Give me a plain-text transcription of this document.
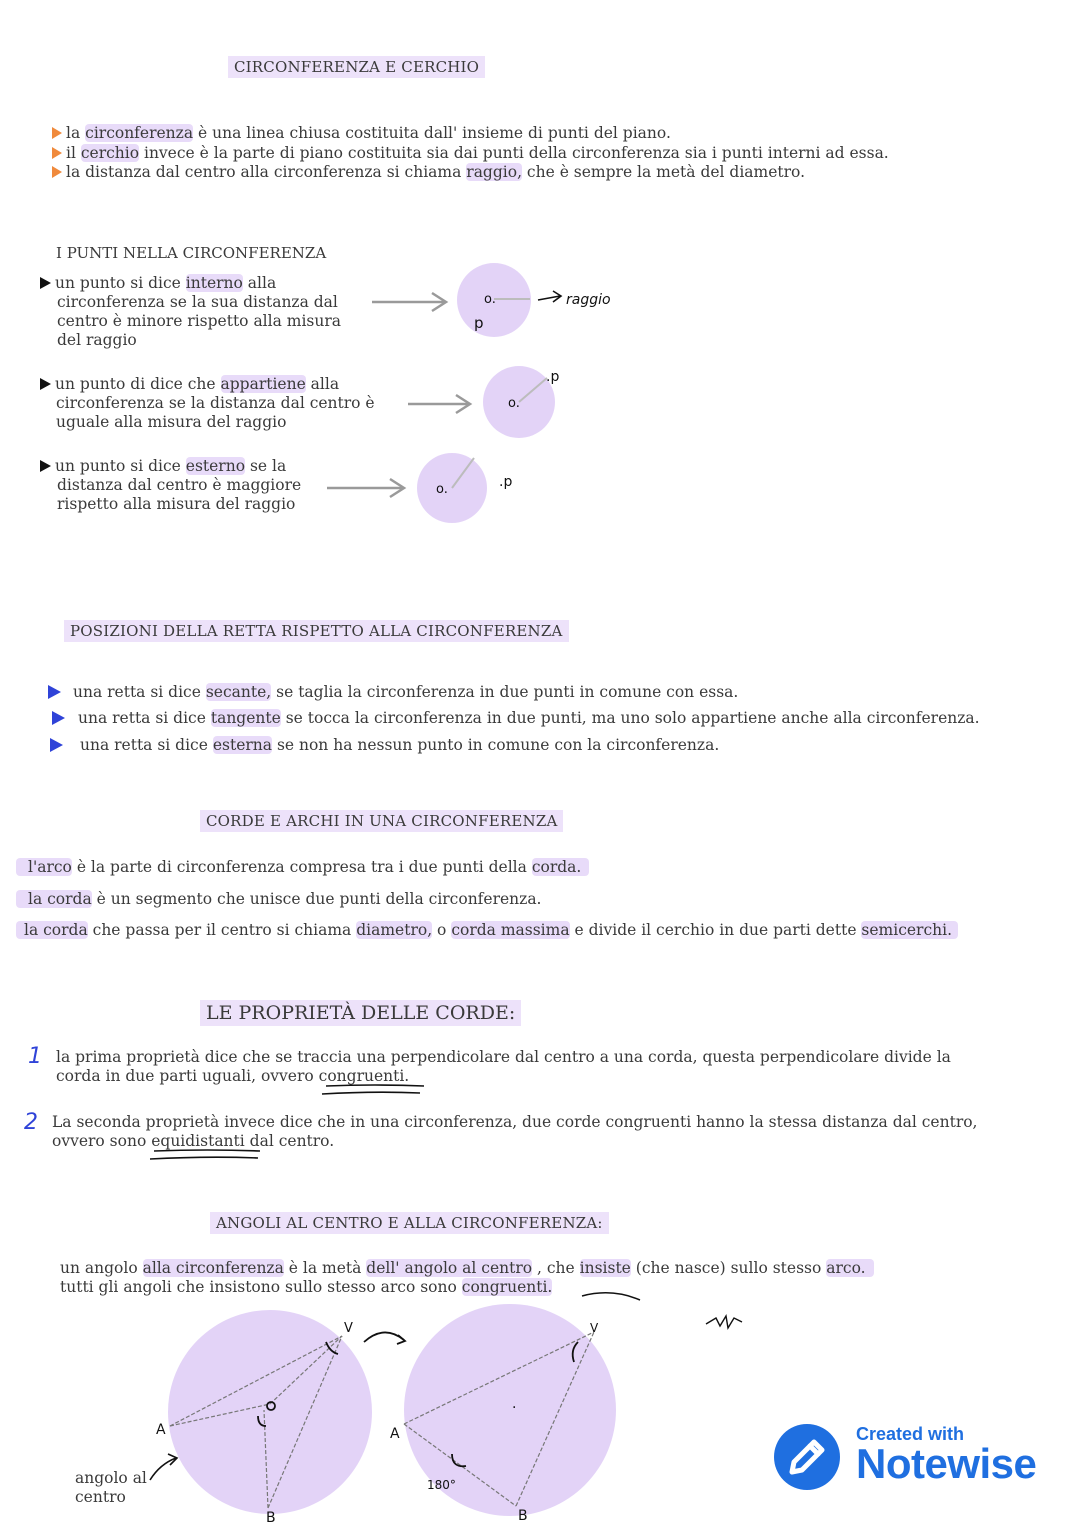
CIRCONFERENZA E CERCHIO
la circonferenza è una linea chiusa costituita dall' insieme di punti del piano.
il cerchio invece è la parte di piano costituita sia dai punti della circonferenza sia i punti interni ad essa.
la distanza dal centro alla circonferenza si chiama raggio, che è sempre la metà del diametro.
I PUNTI NELLA CIRCONFERENZA
un punto si dice interno alla
circonferenza se la sua distanza dal
centro è minore rispetto alla misura
del raggio
un punto di dice che appartiene alla
circonferenza se la distanza dal centro è
uguale alla misura del raggio
un punto si dice esterno se la
distanza dal centro è maggiore
rispetto alla misura del raggio
o.
p
raggio
o.
.p
o.	.p
POSIZIONI DELLA RETTA RISPETTO ALLA CIRCONFERENZA
una retta si dice secante, se taglia la circonferenza in due punti in comune con essa.
una retta si dice tangente se tocca la circonferenza in due punti, ma uno solo appartiene anche alla circonferenza.
una retta si dice esterna se non ha nessun punto in comune con la circonferenza.
CORDE E ARCHI IN UNA CIRCONFERENZA
l'arco è la parte di circonferenza compresa tra i due punti della corda.
la corda è un segmento che unisce due punti della circonferenza.
la corda che passa per il centro si chiama diametro, o corda massima e divide il cerchio in due parti dette semicerchi.
LE PROPRIETÀ DELLE CORDE:
1 la prima proprietà dice che se traccia una perpendicolare dal centro a una corda, questa perpendicolare divide la
corda in due parti uguali, ovvero congruenti.
2 La seconda proprietà invece dice che in una circonferenza, due corde congruenti hanno la stessa distanza dal centro,
ovvero sono equidistanti dal centro.
ANGOLI AL CENTRO E ALLA CIRCONFERENZA:
un angolo alla circonferenza è la metà dell' angolo al centro , che insiste (che nasce) sullo stesso arco.
tutti gli angoli che insistono sullo stesso arco sono congruenti.
V
A
B
.
V
A
B
180°
angolo al
centro
Created with
Notewise
